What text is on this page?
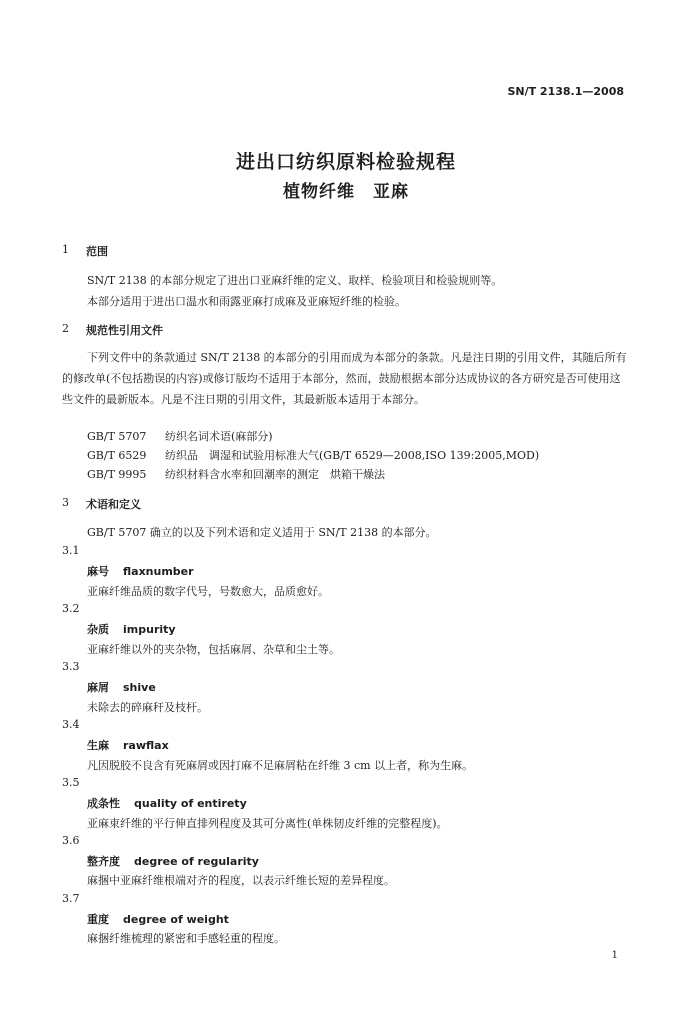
SN/T 2138.1—2008
进出口纺织原料检验规程
植物纤维　亚麻
1 范围
SN/T 2138 的本部分规定了进出口亚麻纤维的定义、取样、检验项目和检验规则等。
本部分适用于进出口温水和雨露亚麻打成麻及亚麻短纤维的检验。
2 规范性引用文件
下列文件中的条款通过 SN/T 2138 的本部分的引用而成为本部分的条款。凡是注日期的引用文件，其随后所有的修改单(不包括勘误的内容)或修订版均不适用于本部分，然而，鼓励根据本部分达成协议的各方研究是否可使用这些文件的最新版本。凡是不注日期的引用文件，其最新版本适用于本部分。
GB/T 5707 纺织名词术语(麻部分)
GB/T 6529 纺织品　调湿和试验用标准大气(GB/T 6529—2008,ISO 139:2005,MOD)
GB/T 9995 纺织材料含水率和回潮率的测定　烘箱干燥法
3 术语和定义
GB/T 5707 确立的以及下列术语和定义适用于 SN/T 2138 的本部分。
3.1
麻号 flaxnumber
亚麻纤维品质的数字代号，号数愈大，品质愈好。
3.2
杂质 impurity
亚麻纤维以外的夹杂物，包括麻屑、杂草和尘土等。
3.3
麻屑 shive
未除去的碎麻秆及枝杆。
3.4
生麻 rawflax
凡因脱胶不良含有死麻屑或因打麻不足麻屑粘在纤维 3 cm 以上者，称为生麻。
3.5
成条性 quality of entirety
亚麻束纤维的平行伸直排列程度及其可分离性(单株韧皮纤维的完整程度)。
3.6
整齐度 degree of regularity
麻捆中亚麻纤维根端对齐的程度，以表示纤维长短的差异程度。
3.7
重度 degree of weight
麻捆纤维梳理的紧密和手感轻重的程度。
1
